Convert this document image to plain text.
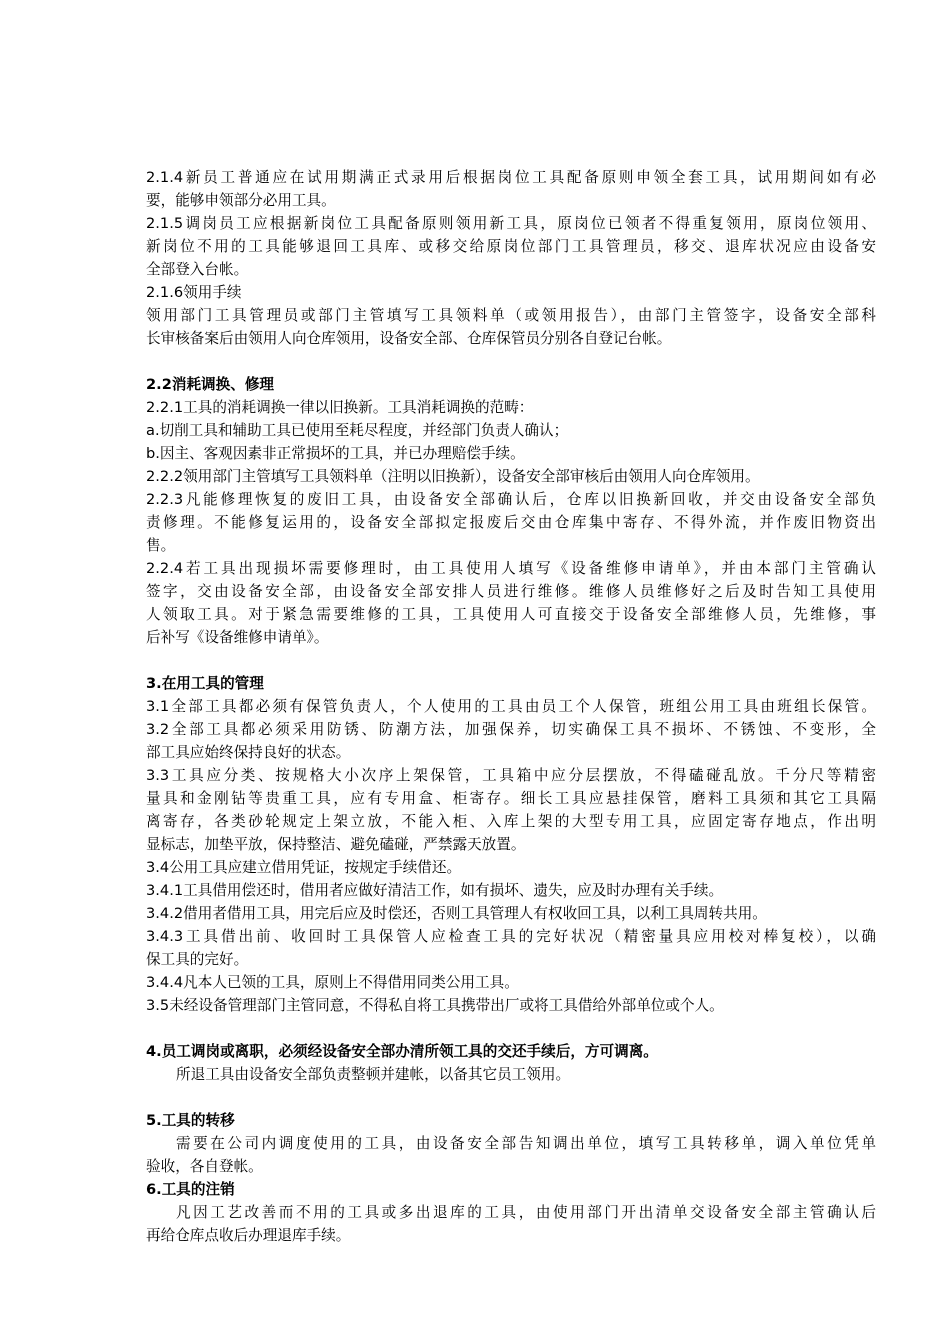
2.1.4新员工普通应在试用期满正式录用后根据岗位工具配备原则申领全套工具，试用期间如有必

要，能够申领部分必用工具。

2.1.5调岗员工应根据新岗位工具配备原则领用新工具，原岗位已领者不得重复领用，原岗位领用、

新岗位不用的工具能够退回工具库、或移交给原岗位部门工具管理员，移交、退库状况应由设备安

全部登入台帐。

2.1.6领用手续

领用部门工具管理员或部门主管填写工具领料单（或领用报告），由部门主管签字，设备安全部科

长审核备案后由领用人向仓库领用，设备安全部、仓库保管员分别各自登记台帐。

2.2消耗调换、修理

2.2.1工具的消耗调换一律以旧换新。工具消耗调换的范畴：

a.切削工具和辅助工具已使用至耗尽程度，并经部门负责人确认；

b.因主、客观因素非正常损坏的工具，并已办理赔偿手续。

2.2.2领用部门主管填写工具领料单（注明以旧换新），设备安全部审核后由领用人向仓库领用。

2.2.3凡能修理恢复的废旧工具，由设备安全部确认后，仓库以旧换新回收，并交由设备安全部负

责修理。不能修复运用的，设备安全部拟定报废后交由仓库集中寄存、不得外流，并作废旧物资出

售。

2.2.4若工具出现损坏需要修理时，由工具使用人填写《设备维修申请单》，并由本部门主管确认

签字，交由设备安全部，由设备安全部安排人员进行维修。维修人员维修好之后及时告知工具使用

人领取工具。对于紧急需要维修的工具，工具使用人可直接交于设备安全部维修人员，先维修，事

后补写《设备维修申请单》。

3.在用工具的管理

3.1全部工具都必须有保管负责人，个人使用的工具由员工个人保管，班组公用工具由班组长保管。

3.2全部工具都必须采用防锈、防潮方法，加强保养，切实确保工具不损坏、不锈蚀、不变形，全

部工具应始终保持良好的状态。

3.3工具应分类、按规格大小次序上架保管，工具箱中应分层摆放，不得磕碰乱放。千分尺等精密

量具和金刚钻等贵重工具，应有专用盒、柜寄存。细长工具应悬挂保管，磨料工具须和其它工具隔

离寄存，各类砂轮规定上架立放，不能入柜、入库上架的大型专用工具，应固定寄存地点，作出明

显标志，加垫平放，保持整洁、避免磕碰，严禁露天放置。

3.4公用工具应建立借用凭证，按规定手续借还。

3.4.1工具借用偿还时，借用者应做好清洁工作，如有损坏、遗失，应及时办理有关手续。

3.4.2借用者借用工具，用完后应及时偿还，否则工具管理人有权收回工具，以利工具周转共用。

3.4.3工具借出前、收回时工具保管人应检查工具的完好状况（精密量具应用校对棒复校），以确

保工具的完好。

3.4.4凡本人已领的工具，原则上不得借用同类公用工具。

3.5未经设备管理部门主管同意，不得私自将工具携带出厂或将工具借给外部单位或个人。

4.员工调岗或离职，必须经设备安全部办清所领工具的交还手续后，方可调离。

所退工具由设备安全部负责整顿并建帐，以备其它员工领用。

5.工具的转移

需要在公司内调度使用的工具，由设备安全部告知调出单位，填写工具转移单，调入单位凭单

验收，各自登帐。

6.工具的注销

凡因工艺改善而不用的工具或多出退库的工具，由使用部门开出清单交设备安全部主管确认后

再给仓库点收后办理退库手续。
